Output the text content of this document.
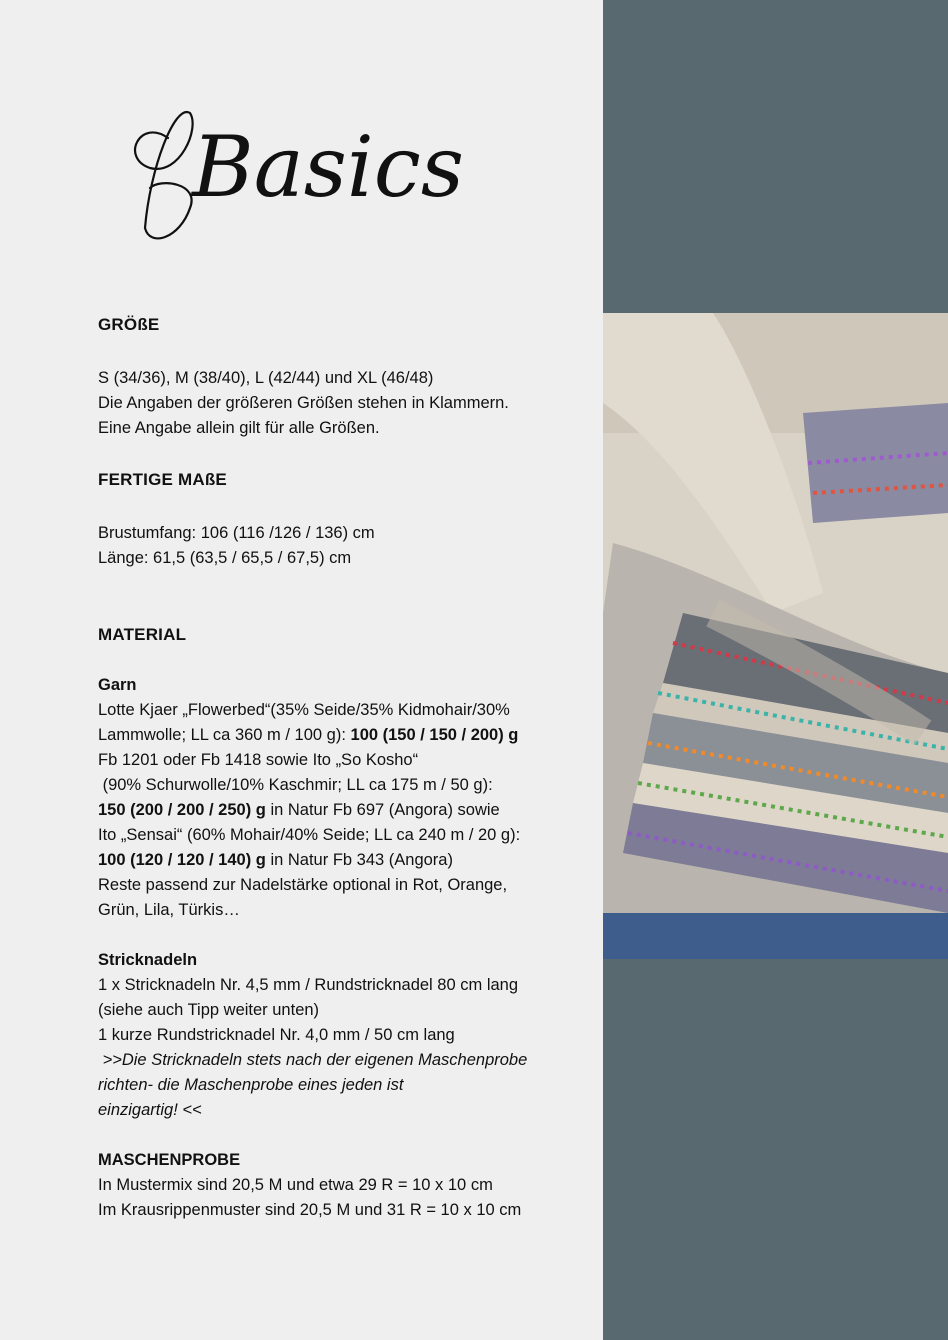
Basics
GRÖßE
S (34/36), M (38/40), L (42/44) und XL (46/48)
Die Angaben der größeren Größen stehen in Klammern.
Eine Angabe allein gilt für alle Größen.
FERTIGE MAßE
Brustumfang: 106 (116 /126 / 136) cm
Länge: 61,5 (63,5 / 65,5 / 67,5) cm
MATERIAL
Garn
Lotte Kjaer „Flowerbed“(35% Seide/35% Kidmohair/30%
Lammwolle; LL ca 360 m / 100 g): 100 (150 / 150 / 200) g
Fb 1201 oder Fb 1418 sowie Ito „So Kosho“
(90% Schurwolle/10% Kaschmir; LL ca 175 m / 50 g):
150 (200 / 200 / 250) g in Natur Fb 697 (Angora) sowie
Ito „Sensai“ (60% Mohair/40% Seide; LL ca 240 m / 20 g):
100 (120 / 120 / 140) g in Natur Fb 343 (Angora)
Reste passend zur Nadelstärke optional in Rot, Orange,
Grün, Lila, Türkis…
Stricknadeln
1 x Stricknadeln Nr. 4,5 mm / Rundstricknadel 80 cm lang
(siehe auch Tipp weiter unten)
1 kurze Rundstricknadel Nr. 4,0 mm / 50 cm lang
>>Die Stricknadeln stets nach der eigenen Maschenprobe
richten- die Maschenprobe eines jeden ist
einzigartig! <<
MASCHENPROBE
In Mustermix sind 20,5 M und etwa 29 R = 10 x 10 cm
Im Krausrippenmuster sind 20,5 M und 31 R = 10 x 10 cm
